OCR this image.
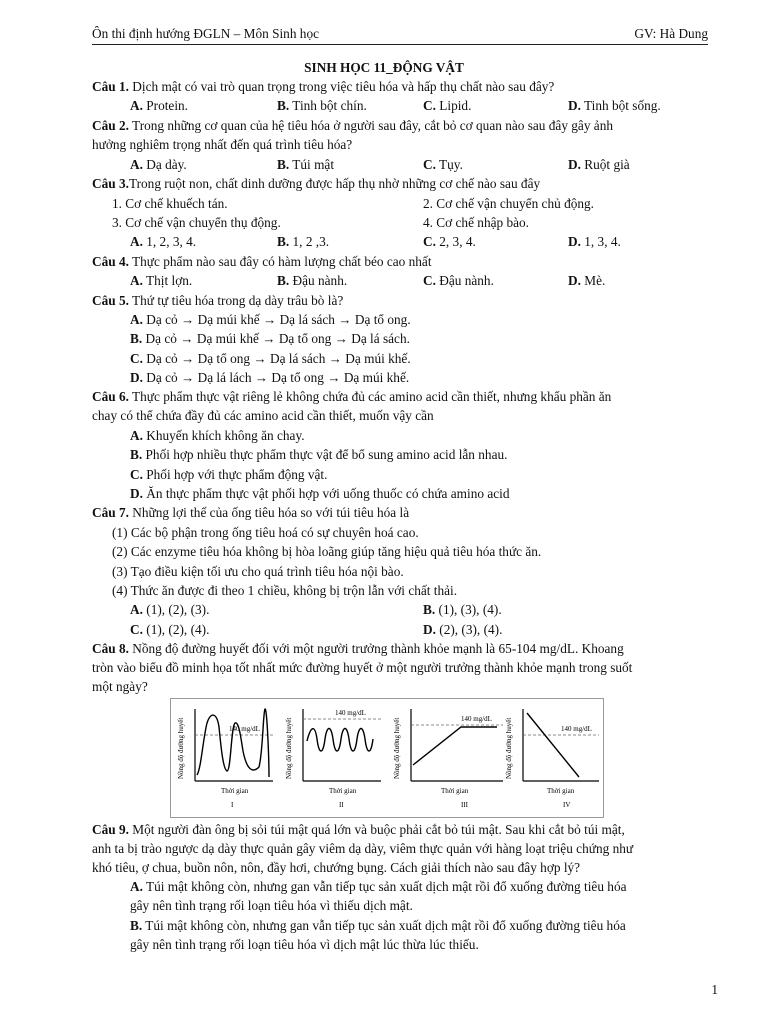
Ôn thi định hướng ĐGLN – Môn Sinh học	GV: Hà Dung
SINH HỌC 11_ĐỘNG VẬT
Câu 1. Dịch mật có vai trò quan trọng trong việc tiêu hóa và hấp thụ chất nào sau đây?
A. Protein.	B. Tinh bột chín.	C. Lipid.	D. Tinh bột sống.
Câu 2. Trong những cơ quan của hệ tiêu hóa ở người sau đây, cắt bỏ cơ quan nào sau đây gây ảnh
hưởng nghiêm trọng nhất đến quá trình tiêu hóa?
A. Dạ dày.	B. Túi mật	C. Tụy.	D. Ruột già
Câu 3.Trong ruột non, chất dinh dưỡng được hấp thụ nhờ những cơ chế nào sau đây
1. Cơ chế khuếch tán.	2. Cơ chế vận chuyển chủ động.
3. Cơ chế vận chuyển thụ động.	4. Cơ chế nhập bào.
A. 1, 2, 3, 4.	B. 1, 2 ,3.	C. 2, 3, 4.	D. 1, 3, 4.
Câu 4. Thực phẩm nào sau đây có hàm lượng chất béo cao nhất
A. Thịt lợn.	B. Đậu nành.	C. Đậu nành.	D. Mè.
Câu 5. Thứ tự tiêu hóa trong dạ dày trâu bò là?
A. Dạ cỏ → Dạ múi khế → Dạ lá sách → Dạ tổ ong.
B. Dạ cỏ → Dạ múi khế → Dạ tổ ong → Dạ lá sách.
C. Dạ cỏ → Dạ tổ ong → Dạ lá sách → Dạ múi khế.
D. Dạ cỏ → Dạ lá lách → Dạ tổ ong → Dạ múi khế.
Câu 6. Thực phẩm thực vật riêng lẻ không chứa đủ các amino acid cần thiết, nhưng khẩu phần ăn
chay có thể chứa đầy đủ các amino acid cần thiết, muốn vậy cần
A. Khuyến khích không ăn chay.
B. Phối hợp nhiều thực phẩm thực vật để bổ sung amino acid lẫn nhau.
C. Phối hợp với thực phẩm động vật.
D. Ăn thực phẩm thực vật phối hợp với uống thuốc có chứa amino acid
Câu 7. Những lợi thế của ống tiêu hóa so với túi tiêu hóa là
(1) Các bộ phận trong ống tiêu hoá có sự chuyên hoá cao.
(2) Các enzyme tiêu hóa không bị hòa loãng giúp tăng hiệu quả tiêu hóa thức ăn.
(3) Tạo điều kiện tối ưu cho quá trình tiêu hóa nội bào.
(4) Thức ăn được đi theo 1 chiều, không bị trộn lẫn với chất thải.
A. (1), (2), (3).	B. (1), (3), (4).
C. (1), (2), (4).	D. (2), (3), (4).
Câu 8. Nồng độ đường huyết đối với một người trưởng thành khỏe mạnh là 65-104 mg/dL. Khoang
tròn vào biểu đồ minh họa tốt nhất mức đường huyết ở một người trưởng thành khỏe mạnh trong suốt
một ngày?
140 mg/dL
Nồng độ đường huyết
Thời gian
I
140 mg/dL
Nồng độ đường huyết
Thời gian
II
140 mg/dL
Nồng độ đường huyết
Thời gian
III
140 mg/dL
Nồng độ đường huyết
Thời gian
IV
Câu 9. Một người đàn ông bị sỏi túi mật quá lớn và buộc phải cắt bỏ túi mật. Sau khi cắt bỏ túi mật,
anh ta bị trào ngược dạ dày thực quản gây viêm dạ dày, viêm thực quản với hàng loạt triệu chứng như
khó tiêu, ợ chua, buồn nôn, nôn, đầy hơi, chướng bụng. Cách giải thích nào sau đây hợp lý?
A. Túi mật không còn, nhưng gan vẫn tiếp tục sản xuất dịch mật rồi đổ xuống đường tiêu hóa
gây nên tình trạng rối loạn tiêu hóa vì thiếu dịch mật.
B. Túi mật không còn, nhưng gan vẫn tiếp tục sản xuất dịch mật rồi đổ xuống đường tiêu hóa
gây nên tình trạng rối loạn tiêu hóa vì dịch mật lúc thừa lúc thiếu.
1
